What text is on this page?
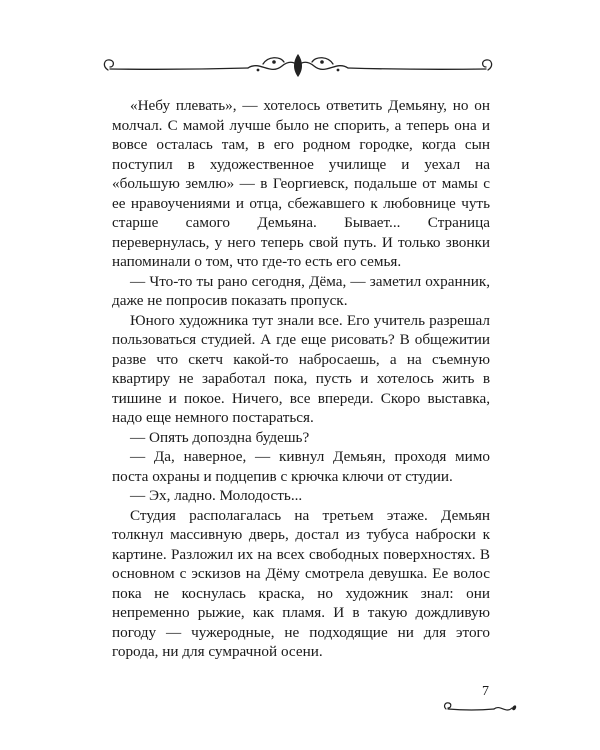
«Небу плевать», — хотелось ответить Демьяну, но он молчал. С мамой лучше было не спорить, а теперь она и вовсе осталась там, в его родном городке, когда сын поступил в художественное училище и уехал на «большую землю» — в Георгиевск, подальше от мамы с ее нравоучениями и отца, сбежавшего к любовнице чуть старше самого Демьяна. Бывает... Страница перевернулась, у него теперь свой путь. И только звонки напоминали о том, что где-то есть его семья.

— Что-то ты рано сегодня, Дёма, — заметил охранник, даже не попросив показать пропуск.

Юного художника тут знали все. Его учитель разрешал пользоваться студией. А где еще рисовать? В общежитии разве что скетч какой-то набросаешь, а на съемную квартиру не заработал пока, пусть и хотелось жить в тишине и покое. Ничего, все впереди. Скоро выставка, надо еще немного постараться.

— Опять допоздна будешь?

— Да, наверное, — кивнул Демьян, проходя мимо поста охраны и подцепив с крючка ключи от студии.

— Эх, ладно. Молодость...

Студия располагалась на третьем этаже. Демьян толкнул массивную дверь, достал из тубуса наброски к картине. Разложил их на всех свободных поверхностях. В основном с эскизов на Дёму смотрела девушка. Ее волос пока не коснулась краска, но художник знал: они непременно рыжие, как пламя. И в такую дождливую погоду — чужеродные, не подходящие ни для этого города, ни для сумрачной осени.

7
